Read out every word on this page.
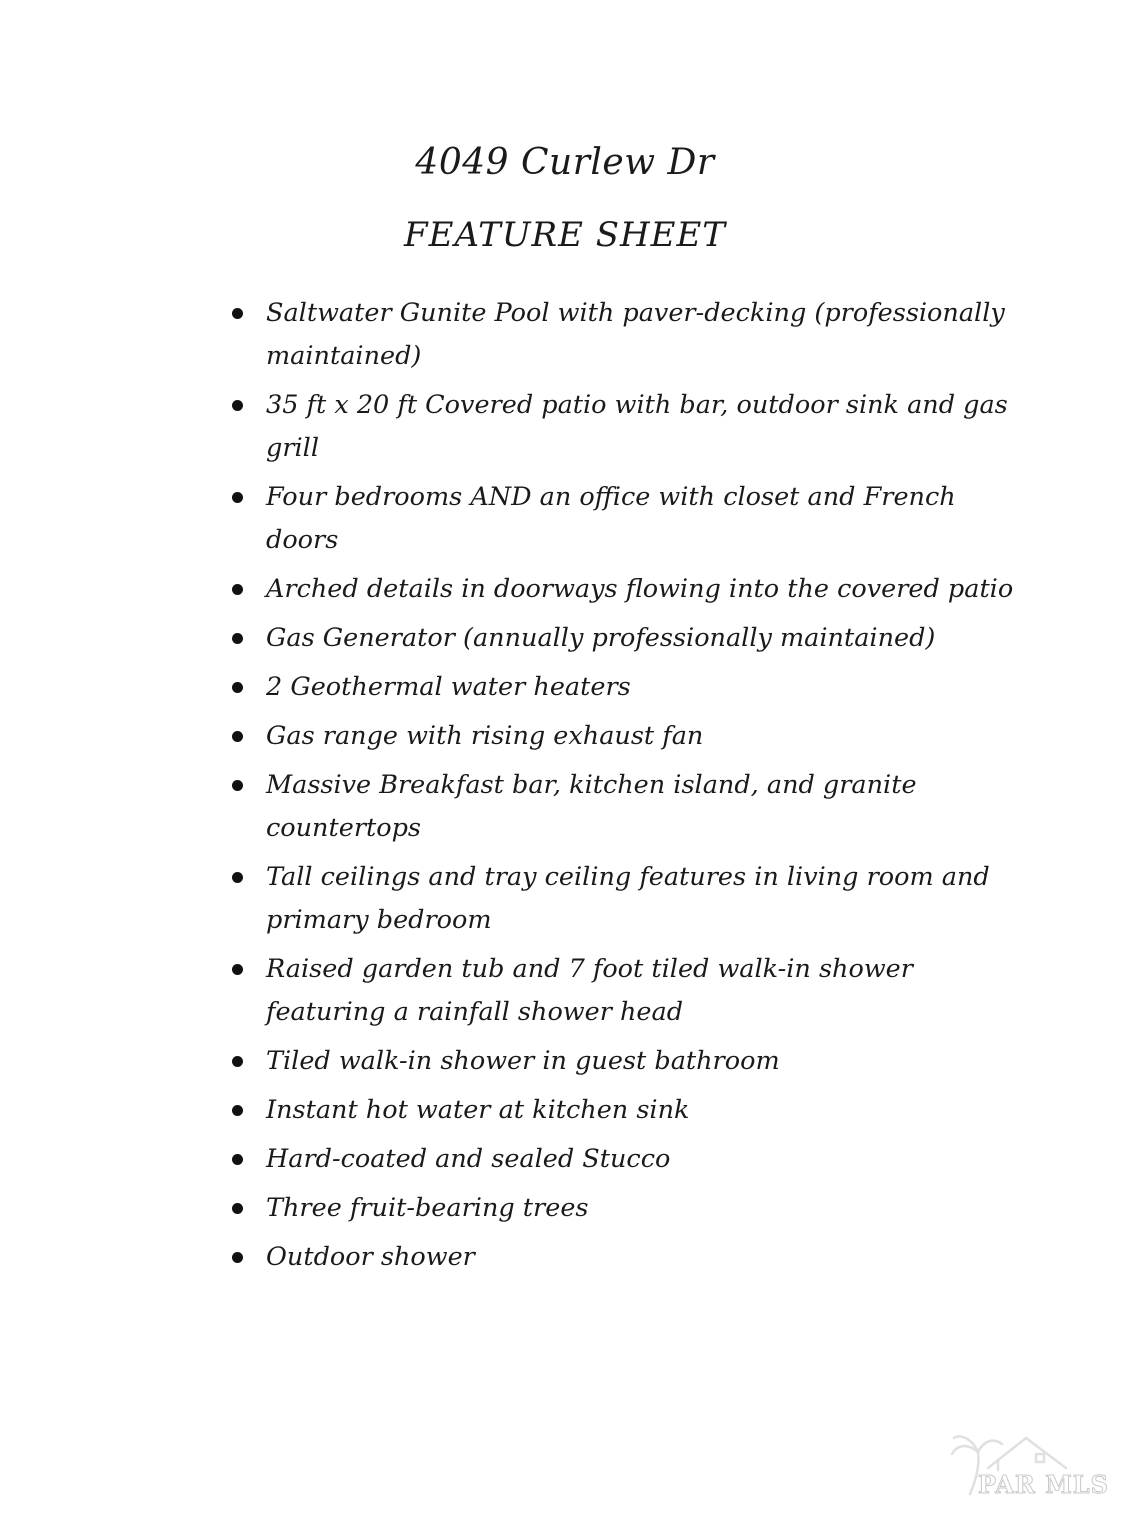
4049 Curlew Dr
FEATURE SHEET
Saltwater Gunite Pool with paver-decking (professionally maintained)
35 ft x 20 ft Covered patio with bar, outdoor sink and gas grill
Four bedrooms AND an office with closet and French doors
Arched details in doorways flowing into the covered patio
Gas Generator (annually professionally maintained)
2 Geothermal water heaters
Gas range with rising exhaust fan
Massive Breakfast bar, kitchen island, and granite countertops
Tall ceilings and tray ceiling features in living room and primary bedroom
Raised garden tub and 7 foot tiled walk-in shower featuring a rainfall shower head
Tiled walk-in shower in guest bathroom
Instant hot water at kitchen sink
Hard-coated and sealed Stucco
Three fruit-bearing trees
Outdoor shower
PAR MLS
